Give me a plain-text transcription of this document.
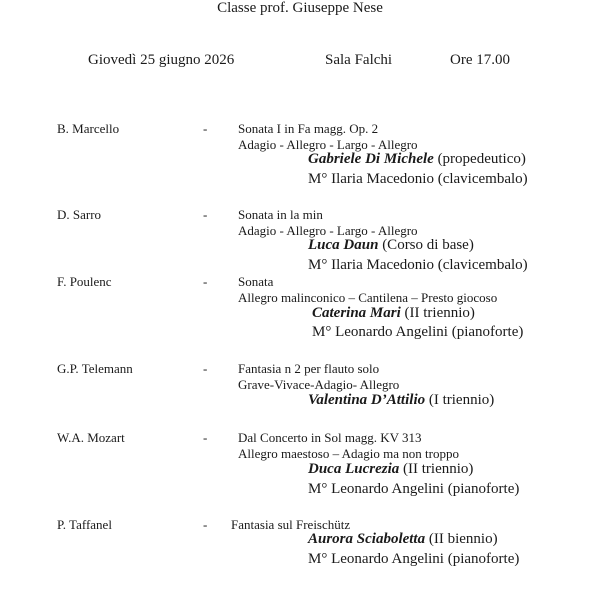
Classe prof. Giuseppe Nese
Giovedì 25 giugno 2026	Sala Falchi	Ore 17.00
B. Marcello	- Sonata I in Fa magg. Op. 2
Adagio - Allegro - Largo - Allegro
Gabriele Di Michele (propedeutico)
M° Ilaria Macedonio (clavicembalo)
D. Sarro	- Sonata in la min
Adagio - Allegro - Largo - Allegro
Luca Daun (Corso di base)
M° Ilaria Macedonio (clavicembalo)
F. Poulenc	- Sonata
Allegro malinconico – Cantilena – Presto giocoso
Caterina Mari (II triennio)
M° Leonardo Angelini (pianoforte)
G.P. Telemann	- Fantasia n 2 per flauto solo
Grave-Vivace-Adagio- Allegro
Valentina D’Attilio (I triennio)
W.A. Mozart	- Dal Concerto in Sol magg. KV 313
Allegro maestoso – Adagio ma non troppo
Duca Lucrezia (II triennio)
M° Leonardo Angelini (pianoforte)
P. Taffanel	- Fantasia sul Freischütz
Aurora Sciaboletta (II biennio)
M° Leonardo Angelini (pianoforte)
